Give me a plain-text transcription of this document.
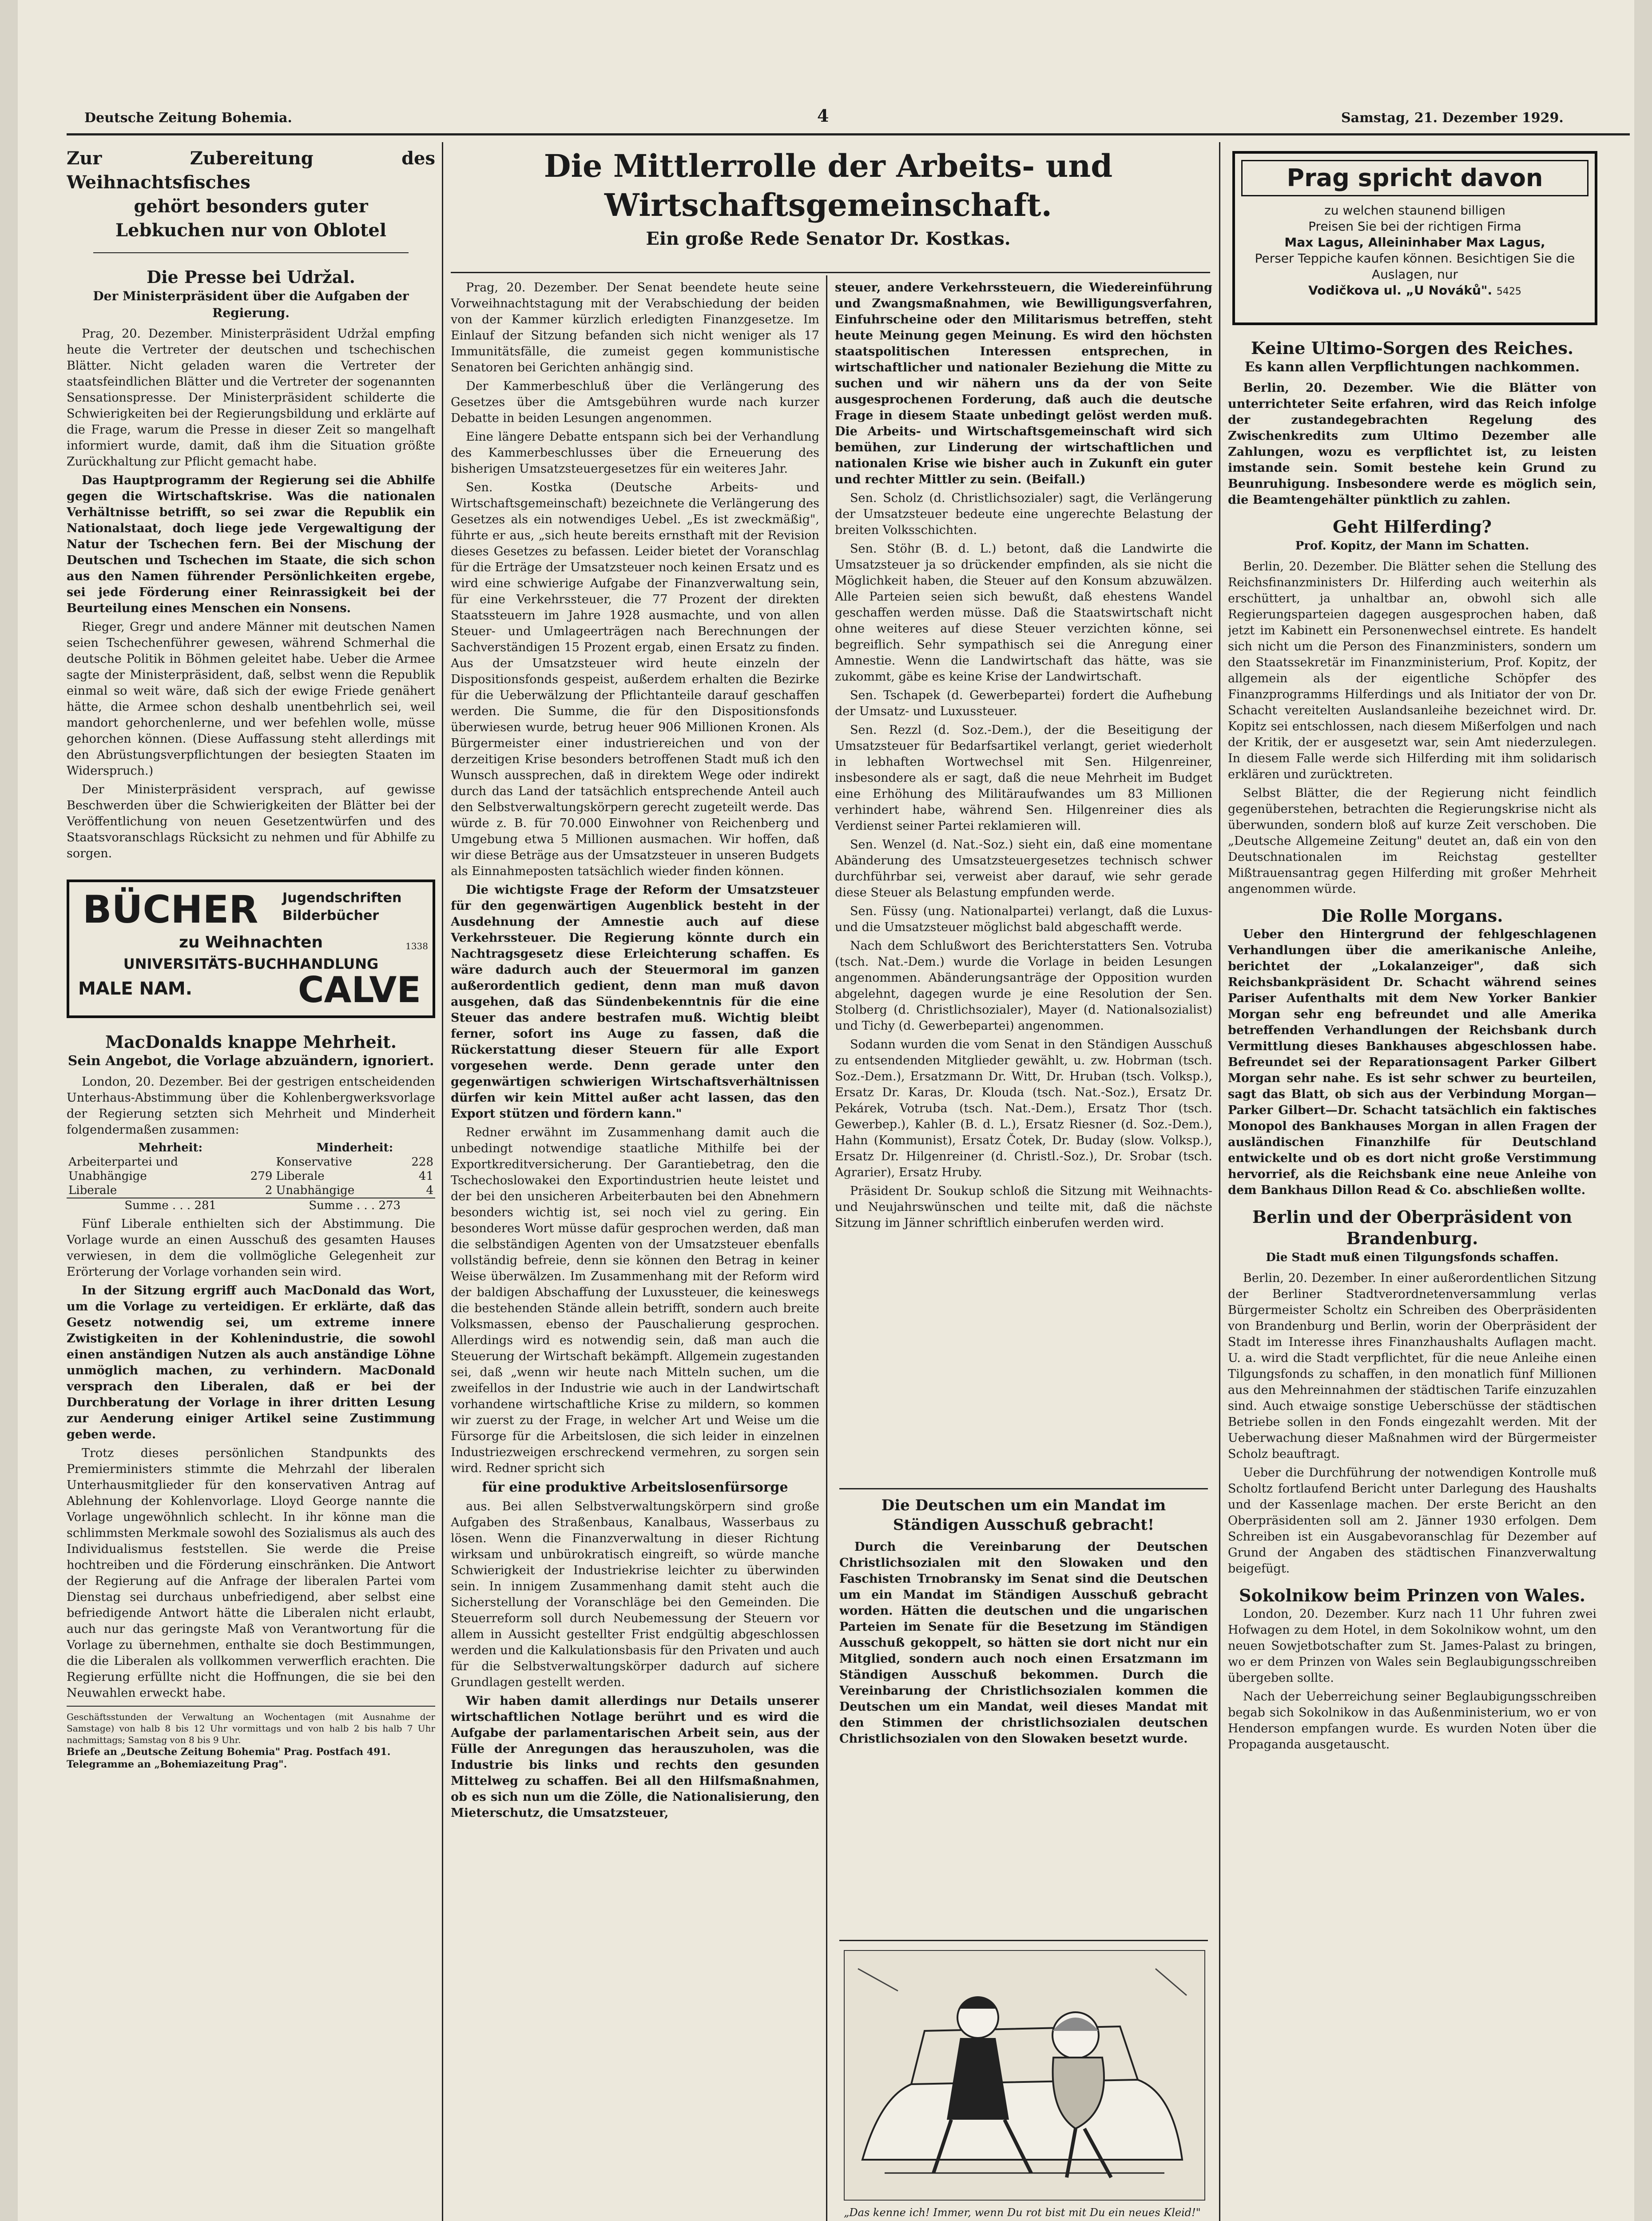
Deutsche Zeitung Bohemia.	4	Samstag, 21. Dezember 1929.
Zur Zubereitung des Weihnachtsfisches
gehört besonders guter
Lebkuchen nur von Oblotel
Die Presse bei Udržal.
Der Ministerpräsident über die Aufgaben der Regierung.

Prag, 20. Dezember. Ministerpräsident Udržal empfing heute die Vertreter der deutschen und tschechischen Blätter. Nicht geladen waren die Vertreter der staatsfeindlichen Blätter und die Vertreter der sogenannten Sensationspresse. Der Ministerpräsident schilderte die Schwierigkeiten bei der Regierungsbildung und erklärte auf die Frage, warum die Presse in dieser Zeit so mangelhaft informiert wurde, damit, daß ihm die Situation größte Zurückhaltung zur Pflicht gemacht habe.

Das Hauptprogramm der Regierung sei die Abhilfe gegen die Wirtschaftskrise. Was die nationalen Verhältnisse betrifft, so sei zwar die Republik ein Nationalstaat, doch liege jede Vergewaltigung der Natur der Tschechen fern. Bei der Mischung der Deutschen und Tschechen im Staate, die sich schon aus den Namen führender Persönlichkeiten ergebe, sei jede Förderung einer Reinrassigkeit bei der Beurteilung eines Menschen ein Nonsens.

Rieger, Gregr und andere Männer mit deutschen Namen seien Tschechenführer gewesen, während Schmerhal die deutsche Politik in Böhmen geleitet habe. Ueber die Armee sagte der Ministerpräsident, daß, selbst wenn die Republik einmal so weit wäre, daß sich der ewige Friede genähert hätte, die Armee schon deshalb unentbehrlich sei, weil mandort gehorchenlerne, und wer befehlen wolle, müsse gehorchen können. (Diese Auffassung steht allerdings mit den Abrüstungsverpflichtungen der besiegten Staaten im Widerspruch.)

Der Ministerpräsident versprach, auf gewisse Beschwerden über die Schwierigkeiten der Blätter bei der Veröffentlichung von neuen Gesetzentwürfen und des Staatsvoranschlags Rücksicht zu nehmen und für Abhilfe zu sorgen.

BÜCHER Jugendschriften
Bilderbücher
zu Weihnachten	1338
UNIVERSITÄTS-BUCHHANDLUNG
MALE NAM.	CALVE
MacDonalds knappe Mehrheit.
Sein Angebot, die Vorlage abzuändern, ignoriert.

London, 20. Dezember. Bei der gestrigen entscheidenden Unterhaus-Abstimmung über die Kohlenbergwerksvorlage der Regierung setzten sich Mehrheit und Minderheit folgendermaßen zusammen:

Mehrheit:		Minderheit:	
Arbeiterpartei und		Konservative	228
Unabhängige	279	Liberale	41
Liberale	2	Unabhängige	4
Summe . . . 281		Summe . . . 273	

Fünf Liberale enthielten sich der Abstimmung. Die Vorlage wurde an einen Ausschuß des gesamten Hauses verwiesen, in dem die vollmögliche Gelegenheit zur Erörterung der Vorlage vorhanden sein wird.

In der Sitzung ergriff auch MacDonald das Wort, um die Vorlage zu verteidigen. Er erklärte, daß das Gesetz notwendig sei, um extreme innere Zwistigkeiten in der Kohlenindustrie, die sowohl einen anständigen Nutzen als auch anständige Löhne unmöglich machen, zu verhindern. MacDonald versprach den Liberalen, daß er bei der Durchberatung der Vorlage in ihrer dritten Lesung zur Aenderung einiger Artikel seine Zustimmung geben werde.

Trotz dieses persönlichen Standpunkts des Premierministers stimmte die Mehrzahl der liberalen Unterhausmitglieder für den konservativen Antrag auf Ablehnung der Kohlenvorlage. Lloyd George nannte die Vorlage ungewöhnlich schlecht. In ihr könne man die schlimmsten Merkmale sowohl des Sozialismus als auch des Individualismus feststellen. Sie werde die Preise hochtreiben und die Förderung einschränken. Die Antwort der Regierung auf die Anfrage der liberalen Partei vom Dienstag sei durchaus unbefriedigend, aber selbst eine befriedigende Antwort hätte die Liberalen nicht erlaubt, auch nur das geringste Maß von Verantwortung für die Vorlage zu übernehmen, enthalte sie doch Bestimmungen, die die Liberalen als vollkommen verwerflich erachten. Die Regierung erfüllte nicht die Hoffnungen, die sie bei den Neuwahlen erweckt habe.

Geschäftsstunden der Verwaltung an Wochentagen (mit Ausnahme der Samstage) von halb 8 bis 12 Uhr vormittags und von halb 2 bis halb 7 Uhr nachmittags; Samstag von 8 bis 9 Uhr.
Briefe an „Deutsche Zeitung Bohemia" Prag. Postfach 491.
Telegramme an „Bohemiazeitung Prag".
Die Mittlerrolle der Arbeits- und Wirtschaftsgemeinschaft.
Ein große Rede Senator Dr. Kostkas.

Prag, 20. Dezember. Der Senat beendete heute seine Vorweihnachtstagung mit der Verabschiedung der beiden von der Kammer kürzlich erledigten Finanzgesetze. Im Einlauf der Sitzung befanden sich nicht weniger als 17 Immunitätsfälle, die zumeist gegen kommunistische Senatoren bei Gerichten anhängig sind.

Der Kammerbeschluß über die Verlängerung des Gesetzes über die Amtsgebühren wurde nach kurzer Debatte in beiden Lesungen angenommen.

Eine längere Debatte entspann sich bei der Verhandlung des Kammerbeschlusses über die Erneuerung des bisherigen Umsatzsteuergesetzes für ein weiteres Jahr.

Sen. Kostka (Deutsche Arbeits- und Wirtschaftsgemeinschaft) bezeichnete die Verlängerung des Gesetzes als ein notwendiges Uebel. „Es ist zweckmäßig", führte er aus, „sich heute bereits ernsthaft mit der Revision dieses Gesetzes zu befassen. Leider bietet der Voranschlag für die Erträge der Umsatzsteuer noch keinen Ersatz und es wird eine schwierige Aufgabe der Finanzverwaltung sein, für eine Verkehrssteuer, die 77 Prozent der direkten Staatssteuern im Jahre 1928 ausmachte, und von allen Steuer- und Umlageerträgen nach Berechnungen der Sachverständigen 15 Prozent ergab, einen Ersatz zu finden. Aus der Umsatzsteuer wird heute einzeln der Dispositionsfonds gespeist, außerdem erhalten die Bezirke für die Ueberwälzung der Pflichtanteile darauf geschaffen werden. Die Summe, die für den Dispositionsfonds überwiesen wurde, betrug heuer 906 Millionen Kronen. Als Bürgermeister einer industriereichen und von der derzeitigen Krise besonders betroffenen Stadt muß ich den Wunsch aussprechen, daß in direktem Wege oder indirekt durch das Land der tatsächlich entsprechende Anteil auch den Selbstverwaltungskörpern gerecht zugeteilt werde. Das würde z. B. für 70.000 Einwohner von Reichenberg und Umgebung etwa 5 Millionen ausmachen. Wir hoffen, daß wir diese Beträge aus der Umsatzsteuer in unseren Budgets als Einnahmeposten tatsächlich wieder finden können.

Die wichtigste Frage der Reform der Umsatzsteuer für den gegenwärtigen Augenblick besteht in der Ausdehnung der Amnestie auch auf diese Verkehrssteuer. Die Regierung könnte durch ein Nachtragsgesetz diese Erleichterung schaffen. Es wäre dadurch auch der Steuermoral im ganzen außerordentlich gedient, denn man muß davon ausgehen, daß das Sündenbekenntnis für die eine Steuer das andere bestrafen muß. Wichtig bleibt ferner, sofort ins Auge zu fassen, daß die Rückerstattung dieser Steuern für alle Export vorgesehen werde. Denn gerade unter den gegenwärtigen schwierigen Wirtschaftsverhältnissen dürfen wir kein Mittel außer acht lassen, das den Export stützen und fördern kann."

Redner erwähnt im Zusammenhang damit auch die unbedingt notwendige staatliche Mithilfe bei der Exportkreditversicherung. Der Garantiebetrag, den die Tschechoslowakei den Exportindustrien heute leistet und der bei den unsicheren Arbeiterbauten bei den Abnehmern besonders wichtig ist, sei noch viel zu gering. Ein besonderes Wort müsse dafür gesprochen werden, daß man die selbständigen Agenten von der Umsatzsteuer ebenfalls vollständig befreie, denn sie können den Betrag in keiner Weise überwälzen. Im Zusammenhang mit der Reform wird der baldigen Abschaffung der Luxussteuer, die keineswegs die bestehenden Stände allein betrifft, sondern auch breite Volksmassen, ebenso der Pauschalierung gesprochen. Allerdings wird es notwendig sein, daß man auch die Steuerung der Wirtschaft bekämpft. Allgemein zugestanden sei, daß „wenn wir heute nach Mitteln suchen, um die zweifellos in der Industrie wie auch in der Landwirtschaft vorhandene wirtschaftliche Krise zu mildern, so kommen wir zuerst zu der Frage, in welcher Art und Weise um die Fürsorge für die Arbeitslosen, die sich leider in einzelnen Industriezweigen erschreckend vermehren, zu sorgen sein wird. Redner spricht sich

für eine produktive Arbeitslosenfürsorge

aus. Bei allen Selbstverwaltungskörpern sind große Aufgaben des Straßenbaus, Kanalbaus, Wasserbaus zu lösen. Wenn die Finanzverwaltung in dieser Richtung wirksam und unbürokratisch eingreift, so würde manche Schwierigkeit der Industriekrise leichter zu überwinden sein. In innigem Zusammenhang damit steht auch die Sicherstellung der Voranschläge bei den Gemeinden. Die Steuerreform soll durch Neubemessung der Steuern vor allem in Aussicht gestellter Frist endgültig abgeschlossen werden und die Kalkulationsbasis für den Privaten und auch für die Selbstverwaltungskörper dadurch auf sichere Grundlagen gestellt werden.

Wir haben damit allerdings nur Details unserer wirtschaftlichen Notlage berührt und es wird die Aufgabe der parlamentarischen Arbeit sein, aus der Fülle der Anregungen das herauszuholen, was die Industrie bis links und rechts den gesunden Mittelweg zu schaffen. Bei all den Hilfsmaßnahmen, ob es sich nun um die Zölle, die Nationalisierung, den Mieterschutz, die Umsatzsteuer,

steuer, andere Verkehrssteuern, die Wiedereinführung und Zwangsmaßnahmen, wie Bewilligungsverfahren, Einfuhrscheine oder den Militarismus betreffen, steht heute Meinung gegen Meinung. Es wird den höchsten staatspolitischen Interessen entsprechen, in wirtschaftlicher und nationaler Beziehung die Mitte zu suchen und wir nähern uns da der von Seite ausgesprochenen Forderung, daß auch die deutsche Frage in diesem Staate unbedingt gelöst werden muß. Die Arbeits- und Wirtschaftsgemeinschaft wird sich bemühen, zur Linderung der wirtschaftlichen und nationalen Krise wie bisher auch in Zukunft ein guter und rechter Mittler zu sein. (Beifall.)

Sen. Scholz (d. Christlichsozialer) sagt, die Verlängerung der Umsatzsteuer bedeute eine ungerechte Belastung der breiten Volksschichten.

Sen. Stöhr (B. d. L.) betont, daß die Landwirte die Umsatzsteuer ja so drückender empfinden, als sie nicht die Möglichkeit haben, die Steuer auf den Konsum abzuwälzen. Alle Parteien seien sich bewußt, daß ehestens Wandel geschaffen werden müsse. Daß die Staatswirtschaft nicht ohne weiteres auf diese Steuer verzichten könne, sei begreiflich. Sehr sympathisch sei die Anregung einer Amnestie. Wenn die Landwirtschaft das hätte, was sie zukommt, gäbe es keine Krise der Landwirtschaft.

Sen. Tschapek (d. Gewerbepartei) fordert die Aufhebung der Umsatz- und Luxussteuer.

Sen. Rezzl (d. Soz.-Dem.), der die Beseitigung der Umsatzsteuer für Bedarfsartikel verlangt, geriet wiederholt in lebhaften Wortwechsel mit Sen. Hilgenreiner, insbesondere als er sagt, daß die neue Mehrheit im Budget eine Erhöhung des Militäraufwandes um 83 Millionen verhindert habe, während Sen. Hilgenreiner dies als Verdienst seiner Partei reklamieren will.

Sen. Wenzel (d. Nat.-Soz.) sieht ein, daß eine momentane Abänderung des Umsatzsteuergesetzes technisch schwer durchführbar sei, verweist aber darauf, wie sehr gerade diese Steuer als Belastung empfunden werde.

Sen. Füssy (ung. Nationalpartei) verlangt, daß die Luxus- und die Umsatzsteuer möglichst bald abgeschafft werde.

Nach dem Schlußwort des Berichterstatters Sen. Votruba (tsch. Nat.-Dem.) wurde die Vorlage in beiden Lesungen angenommen. Abänderungsanträge der Opposition wurden abgelehnt, dagegen wurde je eine Resolution der Sen. Stolberg (d. Christlichsozialer), Mayer (d. Nationalsozialist) und Tichy (d. Gewerbepartei) angenommen.

Sodann wurden die vom Senat in den Ständigen Ausschuß zu entsendenden Mitglieder gewählt, u. zw. Hobrman (tsch. Soz.-Dem.), Ersatzmann Dr. Witt, Dr. Hruban (tsch. Volksp.), Ersatz Dr. Karas, Dr. Klouda (tsch. Nat.-Soz.), Ersatz Dr. Pekárek, Votruba (tsch. Nat.-Dem.), Ersatz Thor (tsch. Gewerbep.), Kahler (B. d. L.), Ersatz Riesner (d. Soz.-Dem.), Hahn (Kommunist), Ersatz Čotek, Dr. Buday (slow. Volksp.), Ersatz Dr. Hilgenreiner (d. Christl.-Soz.), Dr. Srobar (tsch. Agrarier), Ersatz Hruby.

Präsident Dr. Soukup schloß die Sitzung mit Weihnachts- und Neujahrswünschen und teilte mit, daß die nächste Sitzung im Jänner schriftlich einberufen werden wird.

Die Deutschen um ein Mandat im Ständigen Ausschuß gebracht!

Durch die Vereinbarung der Deutschen Christlichsozialen mit den Slowaken und den Faschisten Trnobransky im Senat sind die Deutschen um ein Mandat im Ständigen Ausschuß gebracht worden. Hätten die deutschen und die ungarischen Parteien im Senate für die Besetzung im Ständigen Ausschuß gekoppelt, so hätten sie dort nicht nur ein Mitglied, sondern auch noch einen Ersatzmann im Ständigen Ausschuß bekommen. Durch die Vereinbarung der Christlichsozialen kommen die Deutschen um ein Mandat, weil dieses Mandat mit den Stimmen der christlichsozialen deutschen Christlichsozialen von den Slowaken besetzt wurde.

„Das kenne ich! Immer, wenn Du rot bist mit Du ein neues Kleid!"
Prag spricht davon
zu welchen staunend billigen
Preisen Sie bei der richtigen Firma
Max Lagus, Alleininhaber Max Lagus,
Perser Teppiche kaufen können. Besichtigen Sie die Auslagen, nur
Vodičkova ul. „U Nováků". 5425
Keine Ultimo-Sorgen des Reiches.
Es kann allen Verpflichtungen nachkommen.

Berlin, 20. Dezember. Wie die Blätter von unterrichteter Seite erfahren, wird das Reich infolge der zustandegebrachten Regelung des Zwischenkredits zum Ultimo Dezember alle Zahlungen, wozu es verpflichtet ist, zu leisten imstande sein. Somit bestehe kein Grund zu Beunruhigung. Insbesondere werde es möglich sein, die Beamtengehälter pünktlich zu zahlen.

Geht Hilferding?
Prof. Kopitz, der Mann im Schatten.

Berlin, 20. Dezember. Die Blätter sehen die Stellung des Reichsfinanzministers Dr. Hilferding auch weiterhin als erschüttert, ja unhaltbar an, obwohl sich alle Regierungsparteien dagegen ausgesprochen haben, daß jetzt im Kabinett ein Personenwechsel eintrete. Es handelt sich nicht um die Person des Finanzministers, sondern um den Staatssekretär im Finanzministerium, Prof. Kopitz, der allgemein als der eigentliche Schöpfer des Finanzprogramms Hilferdings und als Initiator der von Dr. Schacht vereitelten Auslandsanleihe bezeichnet wird. Dr. Kopitz sei entschlossen, nach diesem Mißerfolgen und nach der Kritik, der er ausgesetzt war, sein Amt niederzulegen. In diesem Falle werde sich Hilferding mit ihm solidarisch erklären und zurücktreten.

Selbst Blätter, die der Regierung nicht feindlich gegenüberstehen, betrachten die Regierungskrise nicht als überwunden, sondern bloß auf kurze Zeit verschoben. Die „Deutsche Allgemeine Zeitung" deutet an, daß ein von den Deutschnationalen im Reichstag gestellter Mißtrauensantrag gegen Hilferding mit großer Mehrheit angenommen würde.

Die Rolle Morgans.

Ueber den Hintergrund der fehlgeschlagenen Verhandlungen über die amerikanische Anleihe, berichtet der „Lokalanzeiger", daß sich Reichsbankpräsident Dr. Schacht während seines Pariser Aufenthalts mit dem New Yorker Bankier Morgan sehr eng befreundet und alle Amerika betreffenden Verhandlungen der Reichsbank durch Vermittlung dieses Bankhauses abgeschlossen habe. Befreundet sei der Reparationsagent Parker Gilbert Morgan sehr nahe. Es ist sehr schwer zu beurteilen, sagt das Blatt, ob sich aus der Verbindung Morgan—Parker Gilbert—Dr. Schacht tatsächlich ein faktisches Monopol des Bankhauses Morgan in allen Fragen der ausländischen Finanzhilfe für Deutschland entwickelte und ob es dort nicht große Verstimmung hervorrief, als die Reichsbank eine neue Anleihe von dem Bankhaus Dillon Read & Co. abschließen wollte.

Berlin und der Oberpräsident von Brandenburg.
Die Stadt muß einen Tilgungsfonds schaffen.

Berlin, 20. Dezember. In einer außerordentlichen Sitzung der Berliner Stadtverordnetenversammlung verlas Bürgermeister Scholtz ein Schreiben des Oberpräsidenten von Brandenburg und Berlin, worin der Oberpräsident der Stadt im Interesse ihres Finanzhaushalts Auflagen macht. U. a. wird die Stadt verpflichtet, für die neue Anleihe einen Tilgungsfonds zu schaffen, in den monatlich fünf Millionen aus den Mehreinnahmen der städtischen Tarife einzuzahlen sind. Auch etwaige sonstige Ueberschüsse der städtischen Betriebe sollen in den Fonds eingezahlt werden. Mit der Ueberwachung dieser Maßnahmen wird der Bürgermeister Scholz beauftragt.

Ueber die Durchführung der notwendigen Kontrolle muß Scholtz fortlaufend Bericht unter Darlegung des Haushalts und der Kassenlage machen. Der erste Bericht an den Oberpräsidenten soll am 2. Jänner 1930 erfolgen. Dem Schreiben ist ein Ausgabevoranschlag für Dezember auf Grund der Angaben des städtischen Finanzverwaltung beigefügt.

Sokolnikow beim Prinzen von Wales.

London, 20. Dezember. Kurz nach 11 Uhr fuhren zwei Hofwagen zu dem Hotel, in dem Sokolnikow wohnt, um den neuen Sowjetbotschafter zum St. James-Palast zu bringen, wo er dem Prinzen von Wales sein Beglaubigungsschreiben übergeben sollte.

Nach der Ueberreichung seiner Beglaubigungsschreiben begab sich Sokolnikow in das Außenministerium, wo er von Henderson empfangen wurde. Es wurden Noten über die Propaganda ausgetauscht.
